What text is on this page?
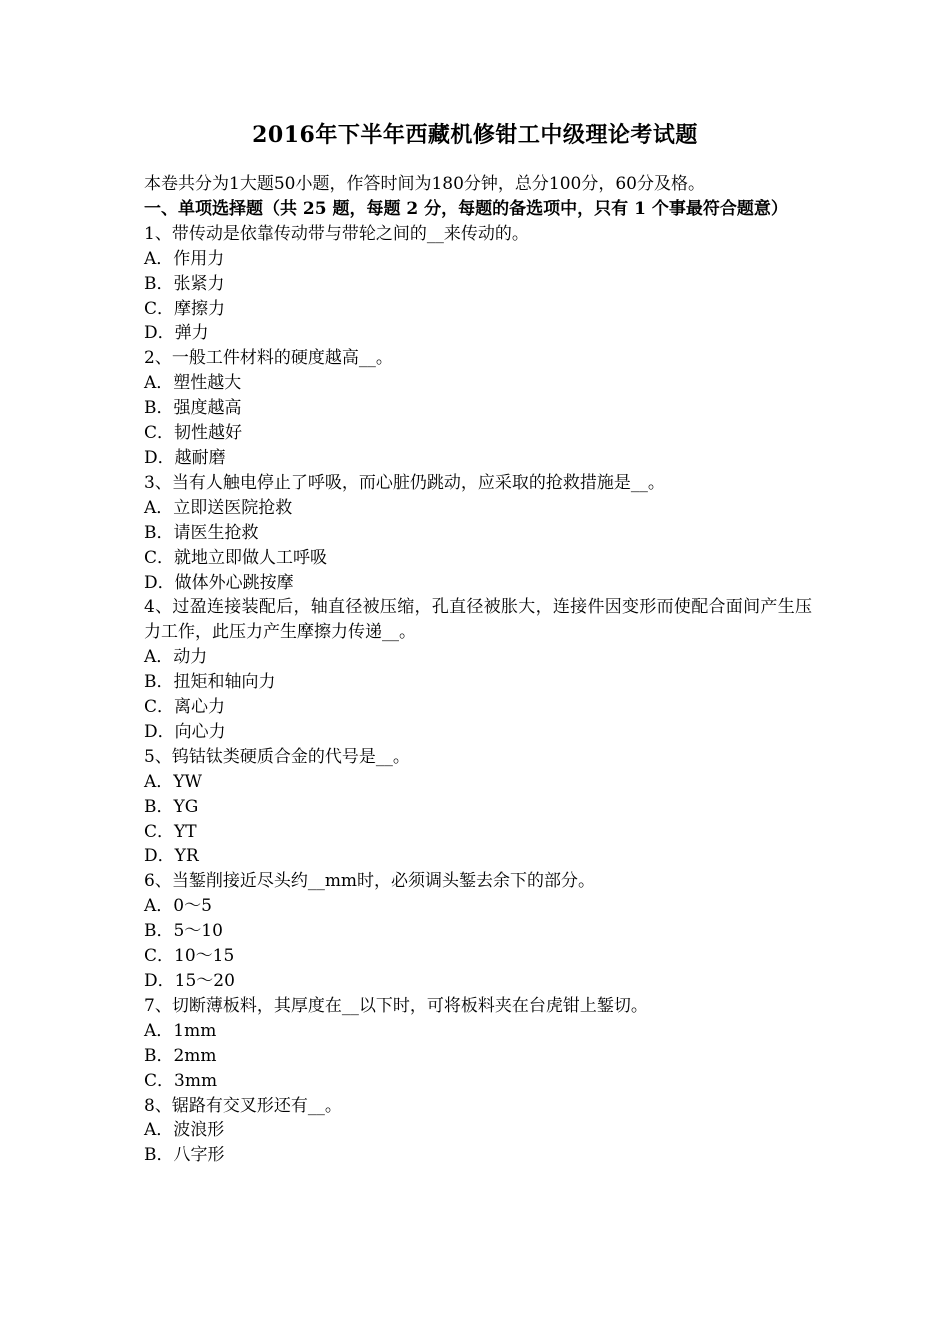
2016年下半年西藏机修钳工中级理论考试题
本卷共分为1大题50小题，作答时间为180分钟，总分100分，60分及格。
一、单项选择题（共 25 题，每题 2 分，每题的备选项中，只有 1 个事最符合题意）
1、带传动是依靠传动带与带轮之间的__来传动的。
A．作用力
B．张紧力
C．摩擦力
D．弹力
2、一般工件材料的硬度越高__。
A．塑性越大
B．强度越高
C．韧性越好
D．越耐磨
3、当有人触电停止了呼吸，而心脏仍跳动，应采取的抢救措施是__。
A．立即送医院抢救
B．请医生抢救
C．就地立即做人工呼吸
D．做体外心跳按摩
4、过盈连接装配后，轴直径被压缩，孔直径被胀大，连接件因变形而使配合面间产生压力工作，此压力产生摩擦力传递__。
A．动力
B．扭矩和轴向力
C．离心力
D．向心力
5、钨钴钛类硬质合金的代号是__。
A．YW
B．YG
C．YT
D．YR
6、当錾削接近尽头约__mm时，必须调头錾去余下的部分。
A．0～5
B．5～10
C．10～15
D．15～20
7、切断薄板料，其厚度在__以下时，可将板料夹在台虎钳上錾切。
A．1mm
B．2mm
C．3mm
8、锯路有交叉形还有__。
A．波浪形
B．八字形
